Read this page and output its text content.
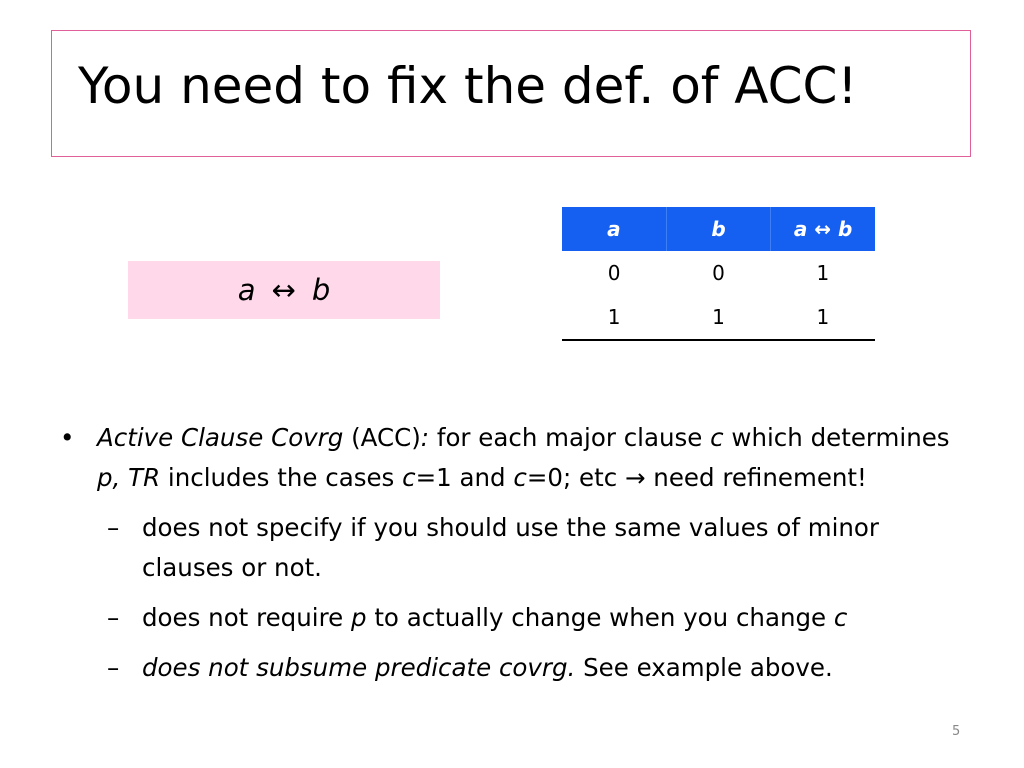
You need to fix the def. of ACC!
a ↔ b
a	b	a ↔ b
0	0	1
1	1	1
• Active Clause Covrg (ACC): for each major clause c which determines p, TR includes the cases c=1 and c=0; etc → need refinement!
– does not specify if you should use the same values of minor clauses or not.
– does not require p to actually change when you change c
– does not subsume predicate covrg. See example above.
5
